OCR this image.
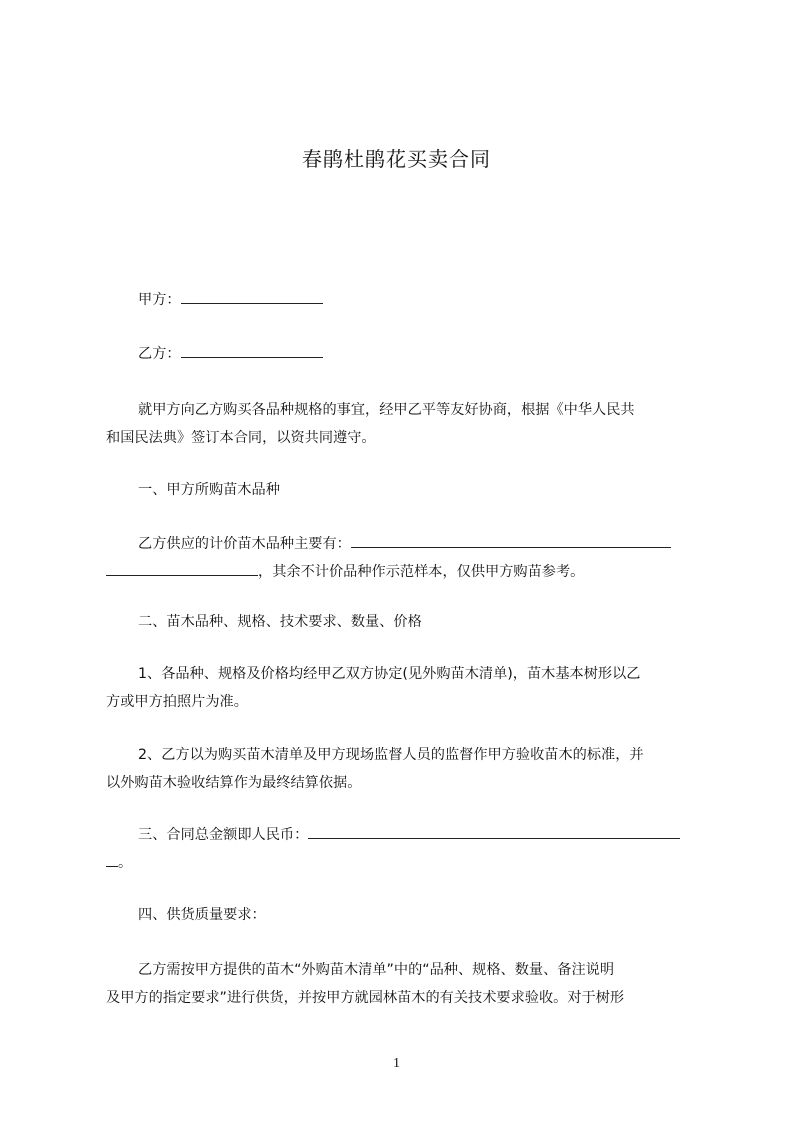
春鹃杜鹃花买卖合同
甲方：
乙方：
就甲方向乙方购买各品种规格的事宜，经甲乙平等友好协商，根据《中华人民共
和国民法典》签订本合同，以资共同遵守。
一、甲方所购苗木品种
乙方供应的计价苗木品种主要有：
，其余不计价品种作示范样本，仅供甲方购苗参考。
二、苗木品种、规格、技术要求、数量、价格
1、各品种、规格及价格均经甲乙双方协定(见外购苗木清单)，苗木基本树形以乙
方或甲方拍照片为准。
2、乙方以为购买苗木清单及甲方现场监督人员的监督作甲方验收苗木的标准，并
以外购苗木验收结算作为最终结算依据。
三、合同总金额即人民币：
。
四、供货质量要求：
乙方需按甲方提供的苗木“外购苗木清单”中的“品种、规格、数量、备注说明
及甲方的指定要求”进行供货，并按甲方就园林苗木的有关技术要求验收。对于树形
1
